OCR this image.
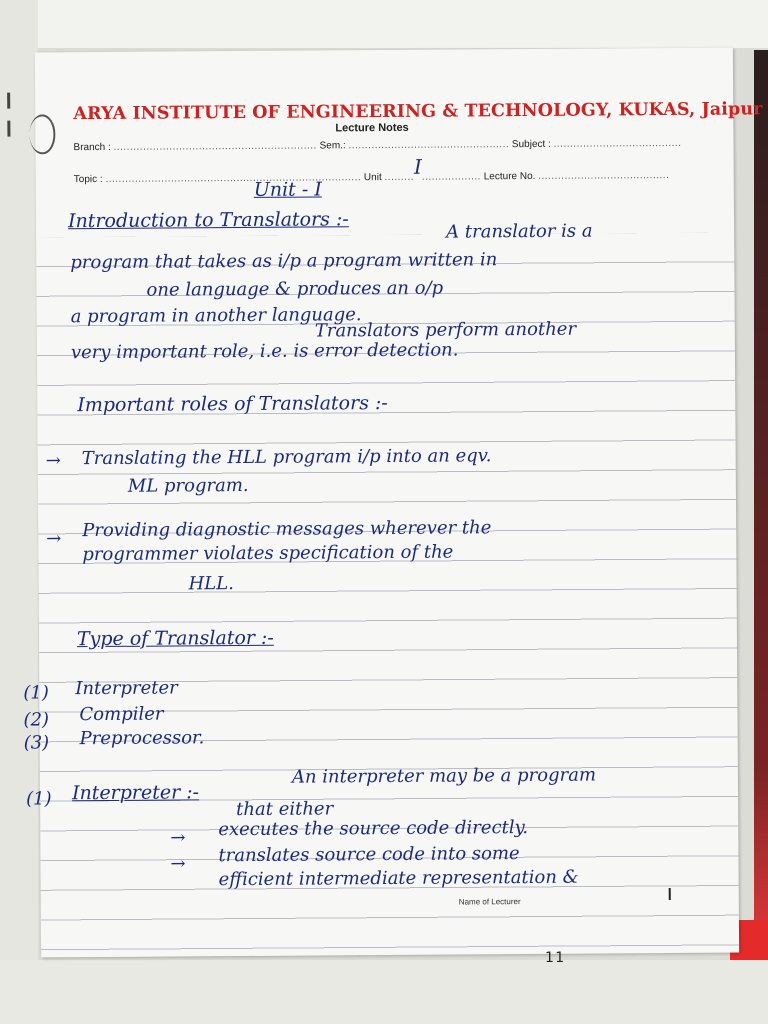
ARYA INSTITUTE OF ENGINEERING & TECHNOLOGY, KUKAS, Jaipur
Lecture Notes
Branch : .............................................................. Sem.: ................................................. Subject : .......................................
Topic : .............................................................................. Unit .........I.................. Lecture No. ........................................
Unit - I
Introduction to Translators :-	A translator is a
program that takes as i/p a program written in
one language & produces an o/p
a program in another language.
Translators perform another
very important role, i.e. is error detection.
Important roles of Translators :-
→ Translating the HLL program i/p into an eqv.
ML program.
→ Providing diagnostic messages wherever the
programmer violates specification of the
HLL.
Type of Translator :-
(1) Interpreter
(2) Compiler
(3) Preprocessor.
(1) Interpreter :-
An interpreter may be a program
that either
→ executes the source code directly.
→ translates source code into some
efficient intermediate representation &
Name of Lecturer
1 1
